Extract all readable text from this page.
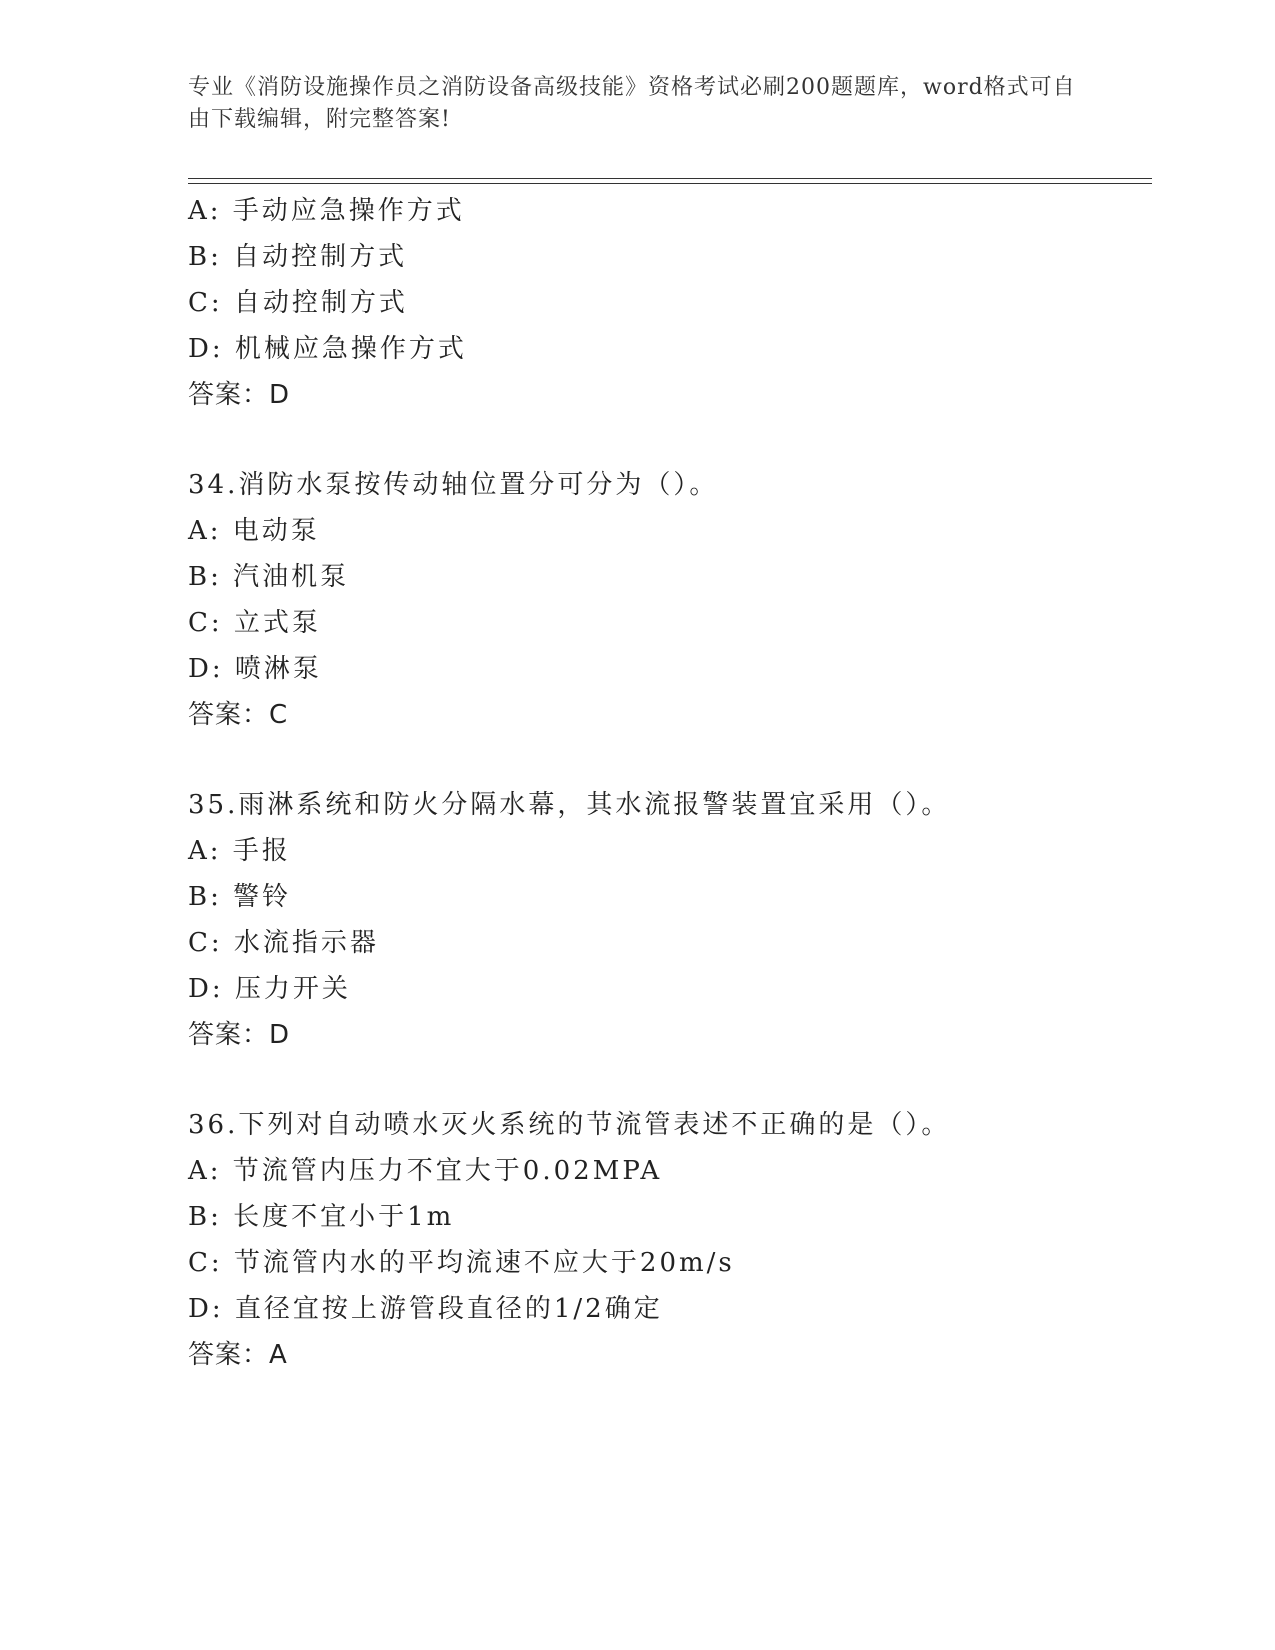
专业《消防设施操作员之消防设备高级技能》资格考试必刷200题题库，word格式可自由下载编辑，附完整答案!
A: 手动应急操作方式
B: 自动控制方式
C: 自动控制方式
D: 机械应急操作方式
答案：D
34.消防水泵按传动轴位置分可分为（）。
A: 电动泵
B: 汽油机泵
C: 立式泵
D: 喷淋泵
答案：C
35.雨淋系统和防火分隔水幕，其水流报警装置宜采用（）。
A: 手报
B: 警铃
C: 水流指示器
D: 压力开关
答案：D
36.下列对自动喷水灭火系统的节流管表述不正确的是（）。
A: 节流管内压力不宜大于0.02MPA
B: 长度不宜小于1m
C: 节流管内水的平均流速不应大于20m/s
D: 直径宜按上游管段直径的1/2确定
答案：A
